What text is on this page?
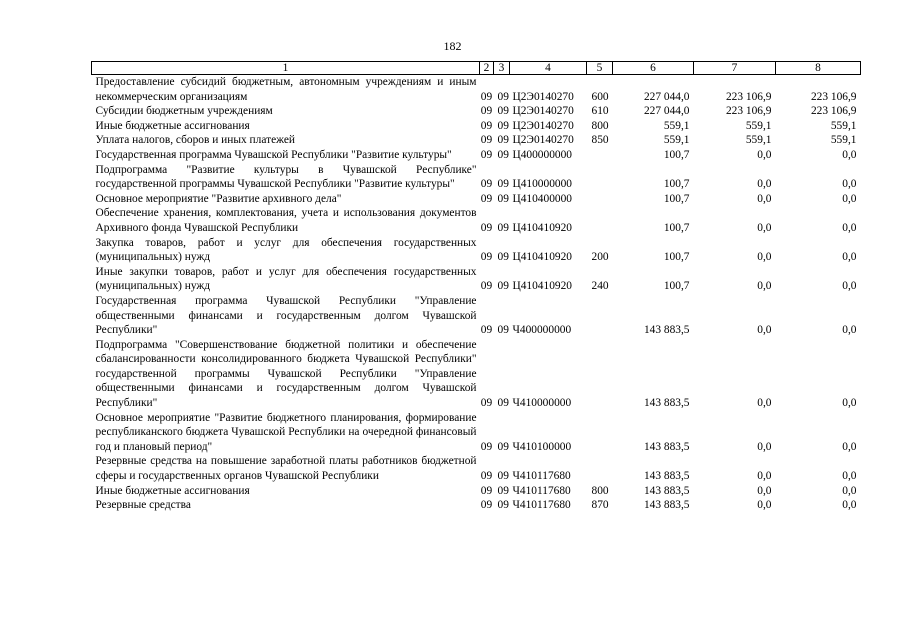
182
1	2	3	4	5	6	7	8
Предоставление субсидий бюджетным, автономным учреждениям и иным некоммерческим организациям	09	09	Ц2Э0140270	600	227 044,0	223 106,9	223 106,9
Субсидии бюджетным учреждениям	09	09	Ц2Э0140270	610	227 044,0	223 106,9	223 106,9
Иные бюджетные ассигнования	09	09	Ц2Э0140270	800	559,1	559,1	559,1
Уплата налогов, сборов и иных платежей	09	09	Ц2Э0140270	850	559,1	559,1	559,1
Государственная программа Чувашской Республики "Развитие культуры"	09	09	Ц400000000		100,7	0,0	0,0
Подпрограмма "Развитие культуры в Чувашской Республике" государственной программы Чувашской Республики "Развитие культуры"	09	09	Ц410000000		100,7	0,0	0,0
Основное мероприятие "Развитие архивного дела"	09	09	Ц410400000		100,7	0,0	0,0
Обеспечение хранения, комплектования, учета и использования документов Архивного фонда Чувашской Республики	09	09	Ц410410920		100,7	0,0	0,0
Закупка товаров, работ и услуг для обеспечения государственных (муниципальных) нужд	09	09	Ц410410920	200	100,7	0,0	0,0
Иные закупки товаров, работ и услуг для обеспечения государственных (муниципальных) нужд	09	09	Ц410410920	240	100,7	0,0	0,0
Государственная программа Чувашской Республики "Управление общественными финансами и государственным долгом Чувашской Республики"	09	09	Ч400000000		143 883,5	0,0	0,0
Подпрограмма "Совершенствование бюджетной политики и обеспечение сбалансированности консолидированного бюджета Чувашской Республики" государственной программы Чувашской Республики "Управление общественными финансами и государственным долгом Чувашской Республики"	09	09	Ч410000000		143 883,5	0,0	0,0
Основное мероприятие "Развитие бюджетного планирования, формирование республиканского бюджета Чувашской Республики на очередной финансовый год и плановый период"	09	09	Ч410100000		143 883,5	0,0	0,0
Резервные средства на повышение заработной платы работников бюджетной сферы и государственных органов Чувашской Республики	09	09	Ч410117680		143 883,5	0,0	0,0
Иные бюджетные ассигнования	09	09	Ч410117680	800	143 883,5	0,0	0,0
Резервные средства	09	09	Ч410117680	870	143 883,5	0,0	0,0
